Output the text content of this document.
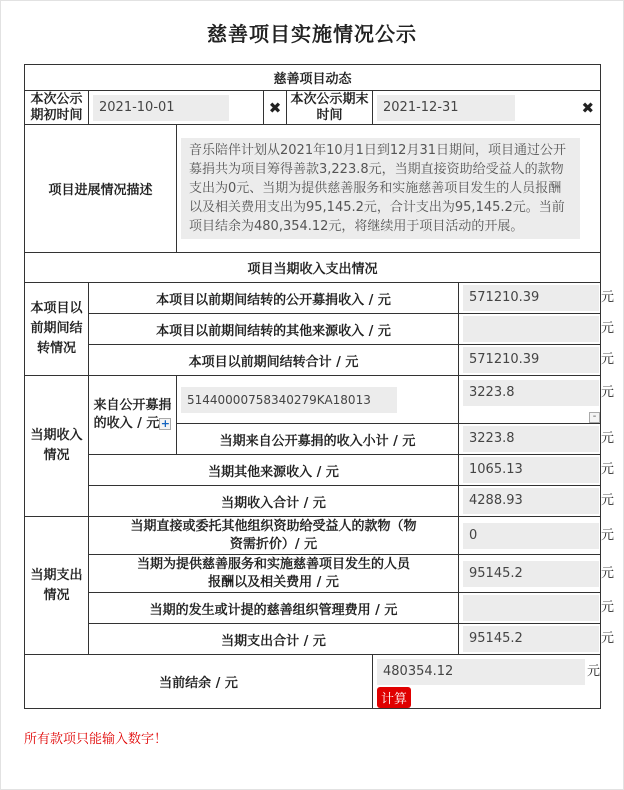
慈善项目实施情况公示
慈善项目动态						
本次公示期初时间	2021-10-01		✖	本次公示期末时间	2021-12-31 ✖	

项目进展情况描述		音乐陪伴计划从2021年10月1日到12月31日期间，项目通过公开募捐共为项目筹得善款3,223.8元，当期直接资助给受益人的款物支出为0元、当期为提供慈善服务和实施慈善项目发生的人员报酬以及相关费用支出为95,145.2元，合计支出为95,145.2元。当前项目结余为480,354.12元，将继续用于项目活动的开展。				

项目当期收入支出情况						
本项目以前期间结转情况	本项目以前期间结转的公开募捐收入 / 元					571210.39 元

	本项目以前期间结转的其他来源收入 / 元					元

	本项目以前期间结转合计 / 元					571210.39 元

当期收入情况	来自公开募捐的收入 / 元+	51440000758340279KA18013				3223.8 元
-

		当期来自公开募捐的收入小计 / 元				3223.8 元

	当期其他来源收入 / 元					1065.13 元

	当期收入合计 / 元					4288.93 元

当期支出情况	当期直接或委托其他组织资助给受益人的款物（物资需折价）/ 元					0 元

	当期为提供慈善服务和实施慈善项目发生的人员报酬以及相关费用 / 元					95145.2 元

	当期的发生或计提的慈善组织管理费用 / 元					元

	当期支出合计 / 元					95145.2 元

当前结余 / 元					480354.12 元
计算	
所有款项只能输入数字！
